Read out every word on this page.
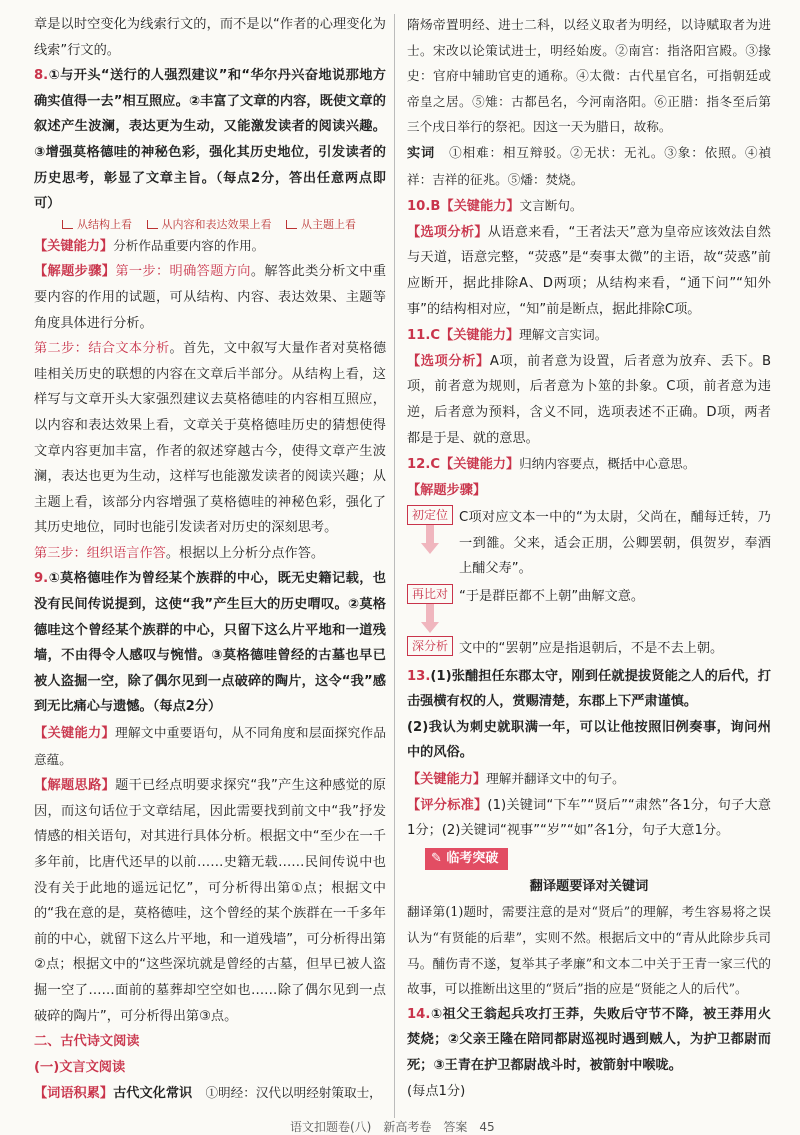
章是以时空变化为线索行文的，而不是以“作者的心理变化为线索”行文的。
8.①与开头“送行的人强烈建议”和“华尔丹兴奋地说那地方确实值得一去”相互照应。②丰富了文章的内容，既使文章的叙述产生波澜，表达更为生动，又能激发读者的阅读兴趣。③增强莫格德哇的神秘色彩，强化其历史地位，引发读者的历史思考，彰显了文章主旨。（每点2分，答出任意两点即可）
从结构上看　	从内容和表达效果上看　	从主题上看
【关键能力】分析作品重要内容的作用。
【解题步骤】第一步：明确答题方向。解答此类分析文中重要内容的作用的试题，可从结构、内容、表达效果、主题等角度具体进行分析。
第二步：结合文本分析。首先，文中叙写大量作者对莫格德哇相关历史的联想的内容在文章后半部分。从结构上看，这样写与文章开头大家强烈建议去莫格德哇的内容相互照应，以内容和表达效果上看，文章关于莫格德哇历史的猜想使得文章内容更加丰富，作者的叙述穿越古今，使得文章产生波澜，表达也更为生动，这样写也能激发读者的阅读兴趣；从主题上看，该部分内容增强了莫格德哇的神秘色彩，强化了其历史地位，同时也能引发读者对历史的深刻思考。
第三步：组织语言作答。根据以上分析分点作答。
9.①莫格德哇作为曾经某个族群的中心，既无史籍记载，也没有民间传说提到，这使“我”产生巨大的历史喟叹。②莫格德哇这个曾经某个族群的中心，只留下这么片平地和一道残墙，不由得令人感叹与惋惜。③莫格德哇曾经的古墓也早已被人盗掘一空，除了偶尔见到一点破碎的陶片，这令“我”感到无比痛心与遗憾。（每点2分）
【关键能力】理解文中重要语句，从不同角度和层面探究作品意蕴。
【解题思路】题干已经点明要求探究“我”产生这种感觉的原因，而这句话位于文章结尾，因此需要找到前文中“我”抒发情感的相关语句，对其进行具体分析。根据文中“至少在一千多年前，比唐代还早的以前……史籍无载……民间传说中也没有关于此地的遥远记忆”，可分析得出第①点；根据文中的“我在意的是，莫格德哇，这个曾经的某个族群在一千多年前的中心，就留下这么片平地，和一道残墙”，可分析得出第②点；根据文中的“这些深坑就是曾经的古墓，但早已被人盗掘一空了……面前的墓葬却空空如也……除了偶尔见到一点破碎的陶片”，可分析得出第③点。
二、古代诗文阅读
(一)文言文阅读
【词语积累】古代文化常识　 ①明经：汉代以明经射策取士，
隋炀帝置明经、进士二科，以经义取者为明经，以诗赋取者为进士。宋改以论策试进士，明经始废。②南宫：指洛阳宫殿。③掾史：官府中辅助官吏的通称。④太微：古代星官名，可指朝廷或帝皇之居。⑤雉：古都邑名，今河南洛阳。⑥正腊：指冬至后第三个戌日举行的祭祀。因这一天为腊日，故称。
实词　 ①相难：相互辩驳。②无状：无礼。③象：依照。④禎祥：吉祥的征兆。⑤燔：焚烧。
10.B【关键能力】文言断句。
【选项分析】从语意来看，“王者法天”意为皇帝应该效法自然与天道，语意完整，“荧惑”是“奏事太微”的主语，故“荧惑”前应断开，据此排除A、D两项；从结构来看，“通下问”“知外事”的结构相对应，“知”前是断点，据此排除C项。
11.C【关键能力】理解文言实词。
【选项分析】A项，前者意为设置，后者意为放弃、丢下。B项，前者意为规则，后者意为卜筮的卦象。C项，前者意为违逆，后者意为预料，含义不同，选项表述不正确。D项，两者都是于是、就的意思。
12.C【关键能力】归纳内容要点，概括中心意思。
【解题步骤】
初定位 C项对应文本一中的“为太尉，父尚在，酺每迁转，乃一到雒。父来，适会正朋，公卿罢朝，俱贺岁，奉酒上酺父寿”。
再比对 “于是群臣都不上朝”曲解文意。
深分析 文中的“罢朝”应是指退朝后，不是不去上朝。
13.(1)张酺担任东郡太守，刚到任就提拔贤能之人的后代，打击强横有权的人，赏赐清楚，东郡上下严肃谨慎。
(2)我认为刺史就职满一年，可以让他按照旧例奏事，询问州中的风俗。
【关键能力】理解并翻译文中的句子。
【评分标准】(1)关键词“下车”“贤后”“肃然”各1分，句子大意1分；(2)关键词“视事”“岁”“如”各1分，句子大意1分。
✎ 临考突破
翻译题要译对关键词
翻译第(1)题时，需要注意的是对“贤后”的理解，考生容易将之误认为“有贤能的后辈”，实则不然。根据后文中的“青从此除步兵司马。酺伤青不遂，复举其子孝廉”和文本二中关于王青一家三代的故事，可以推断出这里的“贤后”指的应是“贤能之人的后代”。
14.①祖父王翁起兵攻打王莽，失败后守节不降，被王莽用火焚烧；②父亲王隆在陪同都尉巡视时遇到贼人，为护卫都尉而死；③王青在护卫都尉战斗时，被箭射中喉咙。
(每点1分)
语文扣题卷(八)　新高考卷　答案　45
